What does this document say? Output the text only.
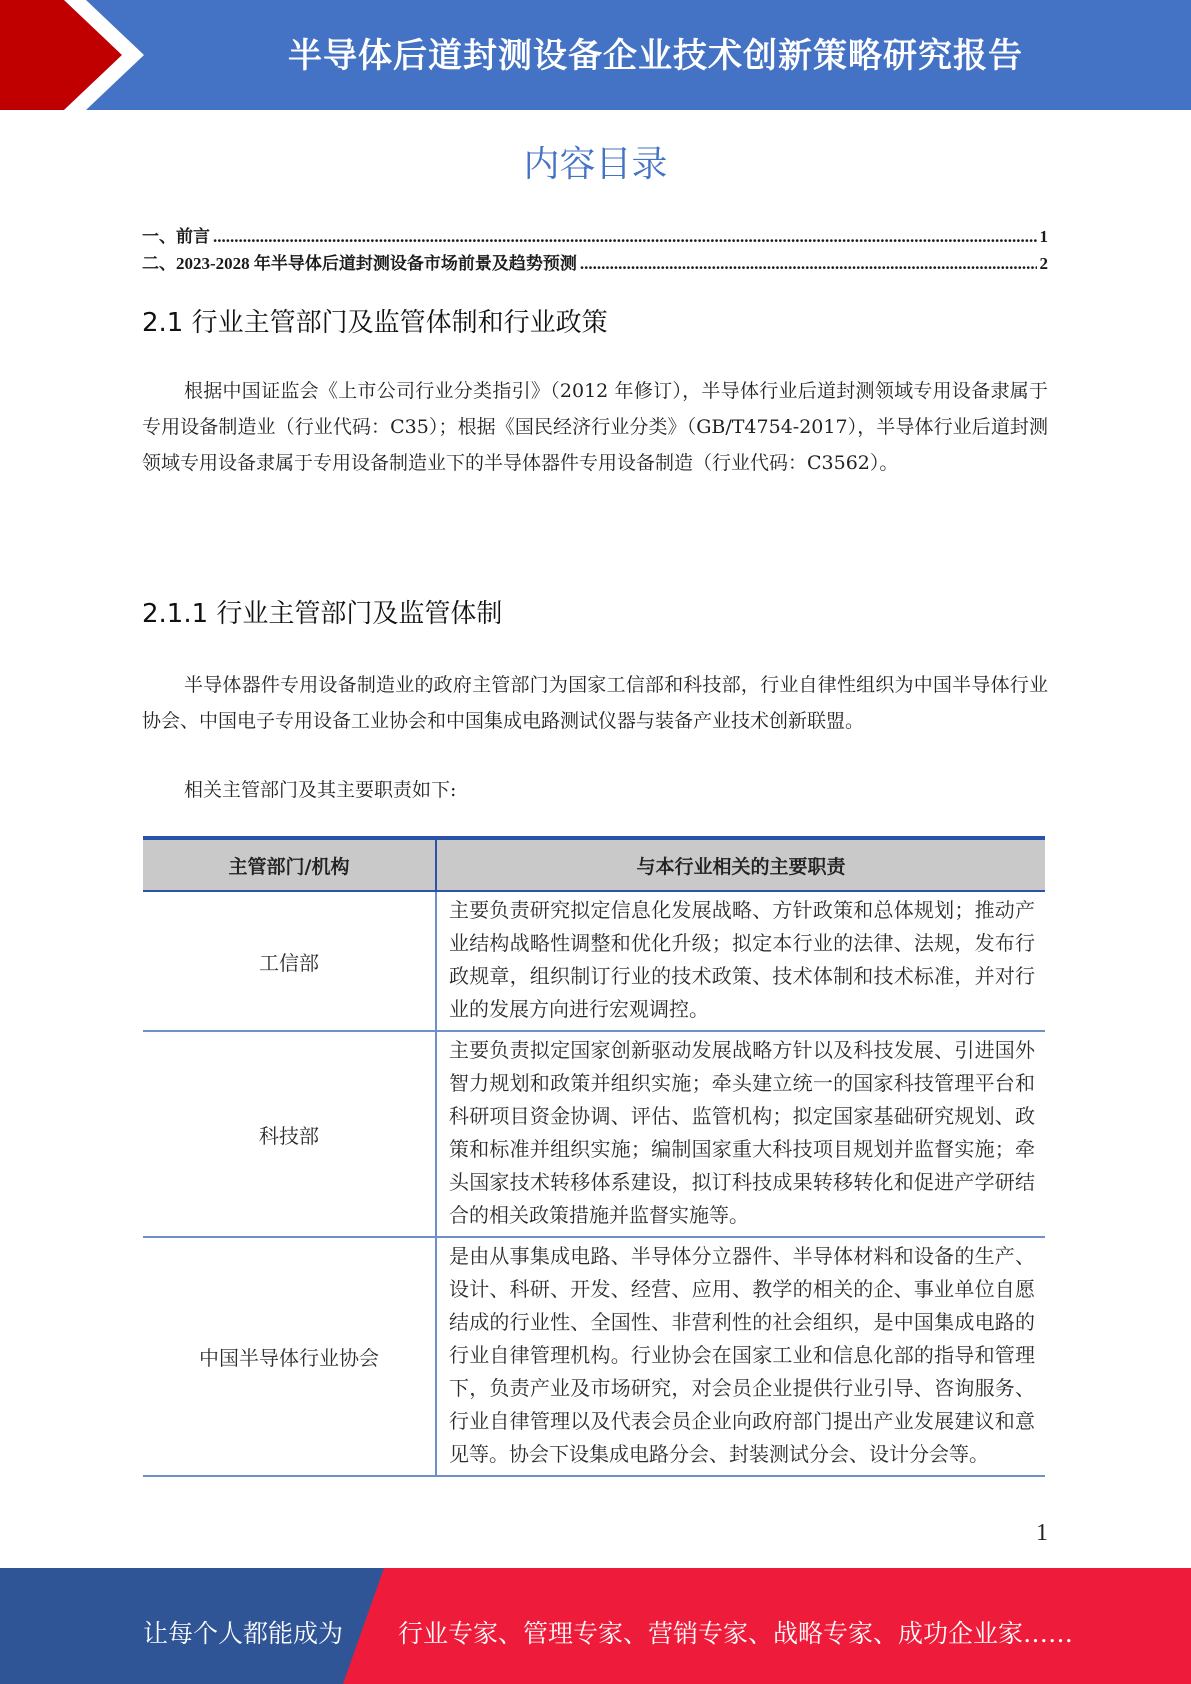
半导体后道封测设备企业技术创新策略研究报告
内容目录
一、前言 .....	1
二、2023-2028 年半导体后道封测设备市场前景及趋势预测 .....	2
2.1 行业主管部门及监管体制和行业政策

根据中国证监会《上市公司行业分类指引》（2012 年修订），半导体行业后道封测领域专用设备隶属于专用设备制造业（行业代码：C35）；根据《国民经济行业分类》（GB/T4754-2017），半导体行业后道封测领域专用设备隶属于专用设备制造业下的半导体器件专用设备制造（行业代码：C3562）。

2.1.1 行业主管部门及监管体制

半导体器件专用设备制造业的政府主管部门为国家工信部和科技部，行业自律性组织为中国半导体行业协会、中国电子专用设备工业协会和中国集成电路测试仪器与装备产业技术创新联盟。

相关主管部门及其主要职责如下:

主管部门/机构	与本行业相关的主要职责
工信部	主要负责研究拟定信息化发展战略、方针政策和总体规划；推动产业结构战略性调整和优化升级；拟定本行业的法律、法规，发布行政规章，组织制订行业的技术政策、技术体制和技术标准，并对行业的发展方向进行宏观调控。
科技部	主要负责拟定国家创新驱动发展战略方针以及科技发展、引进国外智力规划和政策并组织实施；牵头建立统一的国家科技管理平台和科研项目资金协调、评估、监管机构；拟定国家基础研究规划、政策和标准并组织实施；编制国家重大科技项目规划并监督实施；牵头国家技术转移体系建设，拟订科技成果转移转化和促进产学研结合的相关政策措施并监督实施等。
中国半导体行业协会	是由从事集成电路、半导体分立器件、半导体材料和设备的生产、设计、科研、开发、经营、应用、教学的相关的企、事业单位自愿结成的行业性、全国性、非营利性的社会组织，是中国集成电路的行业自律管理机构。行业协会在国家工业和信息化部的指导和管理下，负责产业及市场研究，对会员企业提供行业引导、咨询服务、行业自律管理以及代表会员企业向政府部门提出产业发展建议和意见等。协会下设集成电路分会、封装测试分会、设计分会等。
1
让每个人都能成为 行业专家、管理专家、营销专家、战略专家、成功企业家……
